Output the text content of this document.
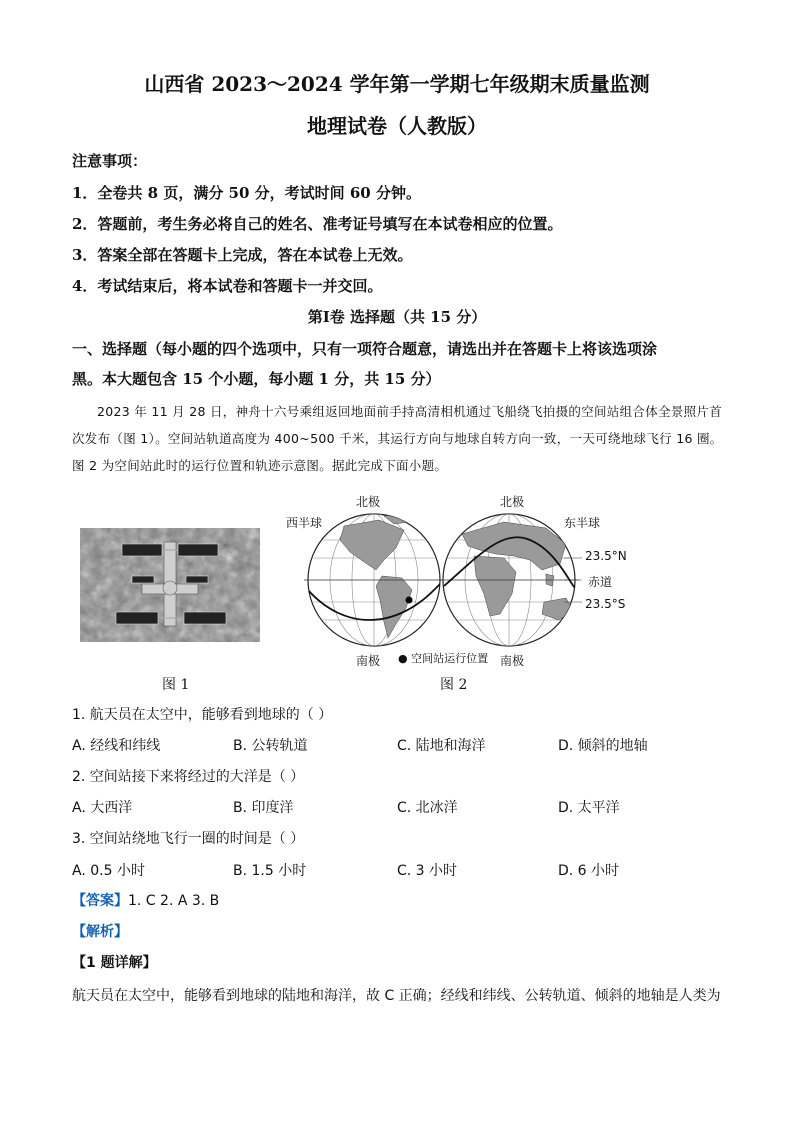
山西省 2023～2024 学年第一学期七年级期末质量监测
地理试卷（人教版）
注意事项：
1．全卷共 8 页，满分 50 分，考试时间 60 分钟。
2．答题前，考生务必将自己的姓名、准考证号填写在本试卷相应的位置。
3．答案全部在答题卡上完成，答在本试卷上无效。
4．考试结束后，将本试卷和答题卡一并交回。
第Ⅰ卷 选择题（共 15 分）
一、选择题（每小题的四个选项中，只有一项符合题意，请选出并在答题卡上将该选项涂
黑。本大题包含 15 个小题，每小题 1 分，共 15 分）
2023 年 11 月 28 日，神舟十六号乘组返回地面前手持高清相机通过飞船绕飞拍摄的空间站组合体全景照片首次发布（图 1）。空间站轨道高度为 400~500 千米，其运行方向与地球自转方向一致，一天可绕地球飞行 16 圈。图 2 为空间站此时的运行位置和轨迹示意图。据此完成下面小题。
图 1
北极	北极
西半球	东半球
23.5°N
赤道
23.5°S
南极	南极
● 空间站运行位置
图 2
1. 航天员在太空中，能够看到地球的（ ）
A. 经线和纬线	B. 公转轨道	C. 陆地和海洋	D. 倾斜的地轴
2. 空间站接下来将经过的大洋是（ ）
A. 大西洋	B. 印度洋	C. 北冰洋	D. 太平洋
3. 空间站绕地飞行一圈的时间是（ ）
A. 0.5 小时	B. 1.5 小时	C. 3 小时	D. 6 小时
【答案】1. C 2. A 3. B
【解析】
【1 题详解】
航天员在太空中，能够看到地球的陆地和海洋，故 C 正确；经线和纬线、公转轨道、倾斜的地轴是人类为
